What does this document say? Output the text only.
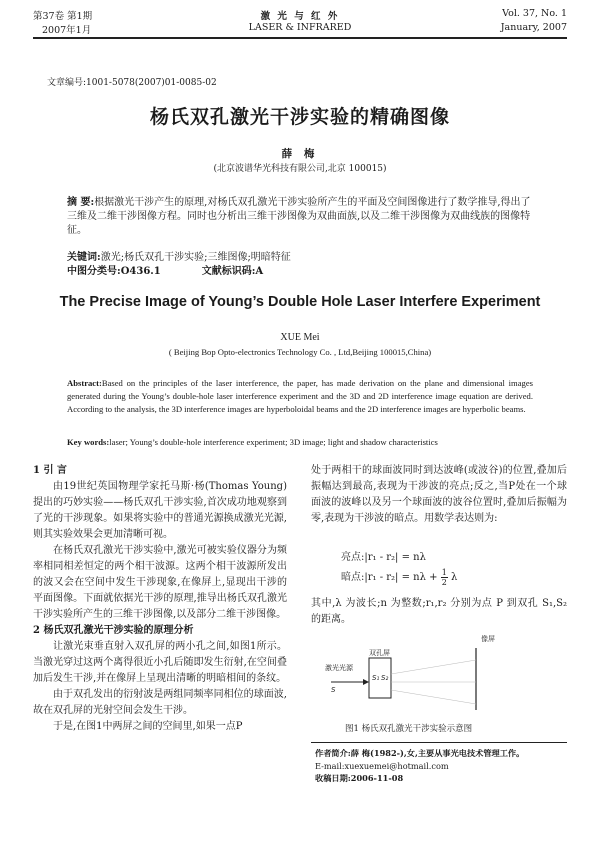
第37卷 第1期
2007年1月
激 光 与 红 外
LASER & INFRARED
Vol. 37, No. 1
January, 2007
文章编号:1001-5078(2007)01-0085-02
杨氏双孔激光干涉实验的精确图像
薛 梅
(北京波谱华光科技有限公司,北京 100015)
摘 要:根据激光干涉产生的原理,对杨氏双孔激光干涉实验所产生的平面及空间图像进行了数学推导,得出了三维及二维干涉图像方程。同时也分析出三维干涉图像为双曲面族,以及二维干涉图像为双曲线族的图像特征。
关键词:激光;杨氏双孔干涉实验;三维图像;明暗特征
中图分类号:O436.1	文献标识码:A
The Precise Image of Young’s Double Hole Laser Interfere Experiment
XUE Mei
( Beijing Bop Opto-electronics Technology Co. , Ltd,Beijing 100015,China)
Abstract:Based on the principles of the laser interference, the paper, has made derivation on the plane and dimensional images generated during the Young’s double-hole laser interference experiment and the 3D and 2D interference image equation are derived. According to the analysis, the 3D interference images are hyperboloidal beams and the 2D interference images are hyperbolic beams.
Key words:laser; Young’s double-hole interference experiment; 3D image; light and shadow characteristics
1 引 言

由19世纪英国物理学家托马斯·杨(Thomas Young)提出的巧妙实验——杨氏双孔干涉实验,首次成功地观察到了光的干涉现象。如果将实验中的普通光源换成激光光源,则其实验效果会更加清晰可视。

在杨氏双孔激光干涉实验中,激光可被实验仪器分为频率相同相差恒定的两个相干波源。这两个相干波源所发出的波又会在空间中发生干涉现象,在像屏上,显现出干涉的平面图像。下面就依据光干涉的原理,推导出杨氏双孔激光干涉实验所产生的三维干涉图像,以及部分二维干涉图像。

2 杨氏双孔激光干涉实验的原理分析

让激光束垂直射入双孔屏的两小孔之间,如图1所示。当激光穿过这两个离得很近小孔后随即发生衍射,在空间叠加后发生干涉,并在像屏上呈现出清晰的明暗相间的条纹。

由于双孔发出的衍射波是两组同频率同相位的球面波,故在双孔屏的光射空间会发生干涉。

于是,在图1中两屏之间的空间里,如果一点P

处于两相干的球面波同时到达波峰(或波谷)的位置,叠加后振幅达到最高,表现为干涉波的亮点;反之,当P处在一个球面波的波峰以及另一个球面波的波谷位置时,叠加后振幅为零,表现为干涉波的暗点。用数学表达则为:

亮点:|r₁ - r₂| = nλ
暗点:|r₁ - $r_2| = n\lambda + \frac{1}{2}$ λ

其中,λ 为波长;n 为整数;r₁,r₂ 分别为点 P 到双孔 S₁,S₂ 的距离。

激光光源
S
双孔屏
S₁ S₂
像屏
图1 杨氏双孔激光干涉实验示意图
作者简介:薛 梅(1982-),女,主要从事光电技术管理工作。
E-mail:xuexuemei@hotmail.com
收稿日期:2006-11-08
